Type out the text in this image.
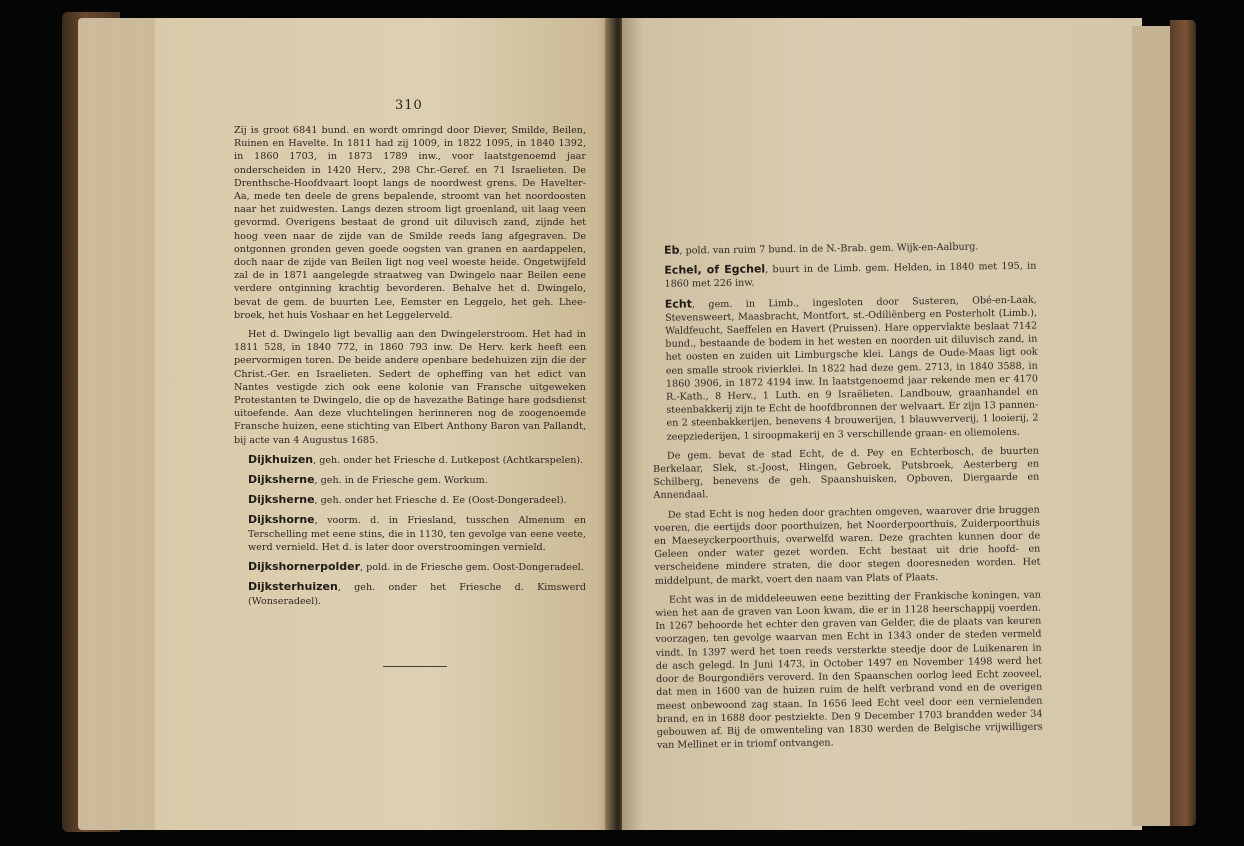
310

Zij is groot 6841 bund. en wordt omringd door Diever, Smilde, Beilen, Ruinen en Havelte. In 1811 had zij 1009, in 1822 1095, in 1840 1392, in 1860 1703, in 1873 1789 inw., voor laatstgenoemd jaar onderscheiden in 1420 Herv., 298 Chr.-Geref. en 71 Israelieten. De Drenthsche-Hoofdvaart loopt langs de noordwest grens. De Havelter-Aa, mede ten deele de grens bepalende, stroomt van het noordoosten naar het zuidwesten. Langs dezen stroom ligt groenland, uit laag veen gevormd. Overigens bestaat de grond uit diluvisch zand, zijnde het hoog veen naar de zijde van de Smilde reeds lang afgegraven. De ontgonnen gronden geven goede oogsten van granen en aardappelen, doch naar de zijde van Beilen ligt nog veel woeste heide. Ongetwijfeld zal de in 1871 aangelegde straatweg van Dwingelo naar Beilen eene verdere ontginning krachtig bevorderen. Behalve het d. Dwingelo, bevat de gem. de buurten Lee, Eemster en Leggelo, het geh. Lheebroek, het huis Voshaar en het Leggelerveld.

Het d. Dwingelo ligt bevallig aan den Dwingelerstroom. Het had in 1811 528, in 1840 772, in 1860 793 inw. De Herv. kerk heeft een peervormigen toren. De beide andere openbare bedehuizen zijn die der Christ.-Ger. en Israelieten. Sedert de opheffing van het edict van Nantes vestigde zich ook eene kolonie van Fransche uitgeweken Protestanten te Dwingelo, die op de havezathe Batinge hare godsdienst uitoefende. Aan deze vluchtelingen herinneren nog de zoogenoemde Fransche huizen, eene stichting van Elbert Anthony Baron van Pallandt, bij acte van 4 Augustus 1685.

Dijkhuizen, geh. onder het Friesche d. Lutkepost (Achtkarspelen).

Dijksherne, geh. in de Friesche gem. Workum.

Dijksherne, geh. onder het Friesche d. Ee (Oost-Dongeradeel).

Dijkshorne, voorm. d. in Friesland, tusschen Almenum en Terschelling met eene stins, die in 1130, ten gevolge van eene veete, werd vernield. Het d. is later door overstroomingen vernield.

Dijkshornerpolder, pold. in de Friesche gem. Oost-Dongeradeel.

Dijksterhuizen, geh. onder het Friesche d. Kimswerd (Wonseradeel).

Eb, pold. van ruim 7 bund. in de N.-Brab. gem. Wijk-en-Aalburg.

Echel, of Egchel, buurt in de Limb. gem. Helden, in 1840 met 195, in 1860 met 226 inw.

Echt, gem. in Limb., ingesloten door Susteren, Obé-en-Laak, Stevensweert, Maasbracht, Montfort, st.-Odiliënberg en Posterholt (Limb.), Waldfeucht, Saeffelen en Havert (Pruissen). Hare oppervlakte beslaat 7142 bund., bestaande de bodem in het westen en noorden uit diluvisch zand, in het oosten en zuiden uit Limburgsche klei. Langs de Oude-Maas ligt ook een smalle strook rivierklei. In 1822 had deze gem. 2713, in 1840 3588, in 1860 3906, in 1872 4194 inw. In laatstgenoemd jaar rekende men er 4170 R.-Kath., 8 Herv., 1 Luth. en 9 Israëlieten. Landbouw, graanhandel en steenbakkerij zijn te Echt de hoofdbronnen der welvaart. Er zijn 13 pannen- en 2 steenbakkerijen, benevens 4 brouwerijen, 1 blauwververij, 1 looierij, 2 zeepziederijen, 1 siroopmakerij en 3 verschillende graan- en oliemolens.

De gem. bevat de stad Echt, de d. Pey en Echterbosch, de buurten Berkelaar, Slek, st.-Joost, Hingen, Gebroek, Putsbroek, Aesterberg en Schilberg, benevens de geh. Spaanshuisken, Opboven, Diergaarde en Annendaal.

De stad Echt is nog heden door grachten omgeven, waarover drie bruggen voeren, die eertijds door poorthuizen, het Noorderpoorthuis, Zuiderpoorthuis en Maeseyckerpoorthuis, overwelfd waren. Deze grachten kunnen door de Geleen onder water gezet worden. Echt bestaat uit drie hoofd- en verscheidene mindere straten, die door stegen dooresneden worden. Het middelpunt, de markt, voert den naam van Plats of Plaats.

Echt was in de middeleeuwen eene bezitting der Frankische koningen, van wien het aan de graven van Loon kwam, die er in 1128 heerschappij voerden. In 1267 behoorde het echter den graven van Gelder, die de plaats van keuren voorzagen, ten gevolge waarvan men Echt in 1343 onder de steden vermeld vindt. In 1397 werd het toen reeds versterkte steedje door de Luikenaren in de asch gelegd. In Juni 1473, in October 1497 en November 1498 werd het door de Bourgondiërs veroverd. In den Spaanschen oorlog leed Echt zooveel, dat men in 1600 van de huizen ruim de helft verbrand vond en de overigen meest onbewoond zag staan. In 1656 leed Echt veel door een vernielenden brand, en in 1688 door pestziekte. Den 9 December 1703 brandden weder 34 gebouwen af. Bij de omwenteling van 1830 werden de Belgische vrijwilligers van Mellinet er in triomf ontvangen.
